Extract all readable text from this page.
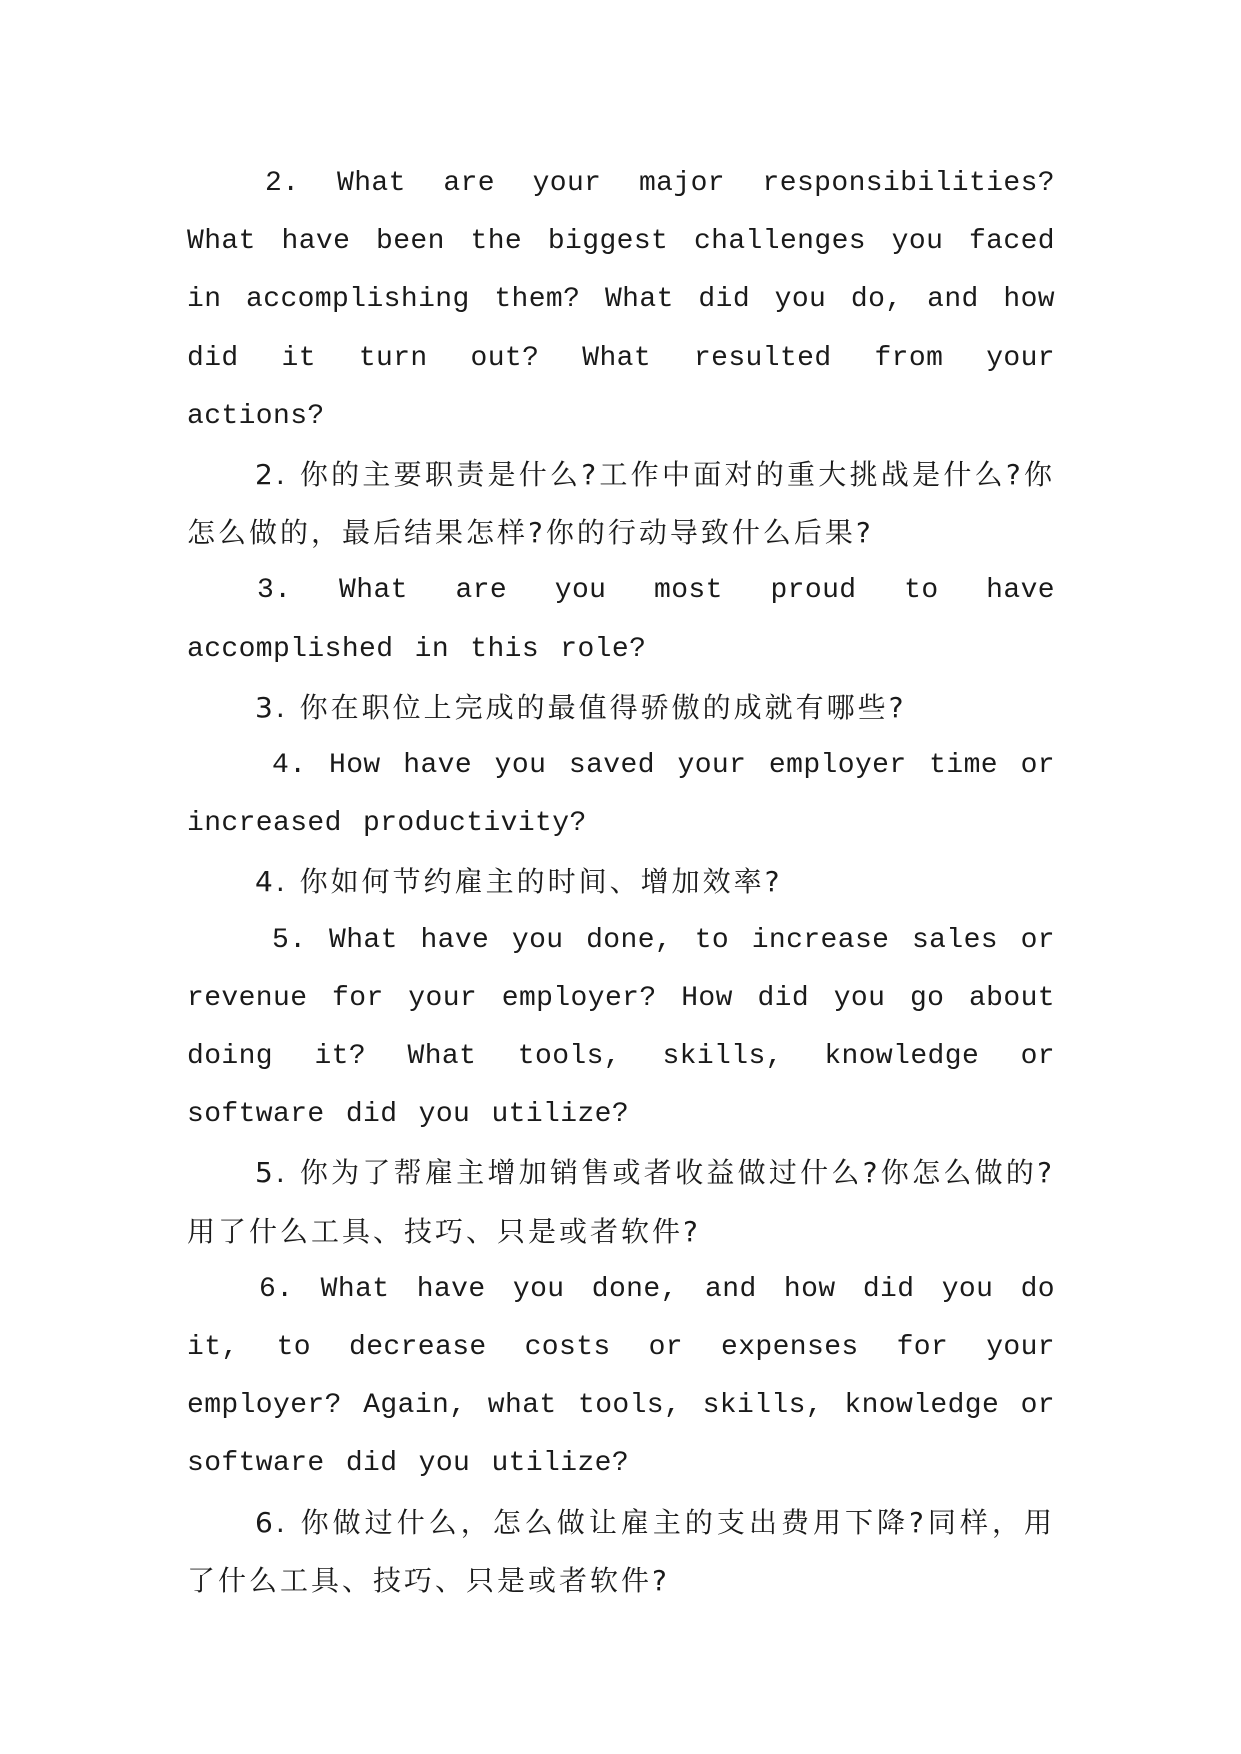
2. What are your major responsibilities? What have been the biggest challenges you faced in accomplishing them? What did you do, and how did it turn out? What resulted from your actions?

2. 你的主要职责是什么?工作中面对的重大挑战是什么?你怎么做的，最后结果怎样?你的行动导致什么后果?

3. What are you most proud to have accomplished in this role?

3. 你在职位上完成的最值得骄傲的成就有哪些?

4. How have you saved your employer time or increased productivity?

4. 你如何节约雇主的时间、增加效率?

5. What have you done, to increase sales or revenue for your employer? How did you go about doing it? What tools, skills, knowledge or software did you utilize?

5. 你为了帮雇主增加销售或者收益做过什么?你怎么做的?用了什么工具、技巧、只是或者软件?

6. What have you done, and how did you do it, to decrease costs or expenses for your employer? Again, what tools, skills, knowledge or software did you utilize?

6. 你做过什么，怎么做让雇主的支出费用下降?同样，用了什么工具、技巧、只是或者软件?
